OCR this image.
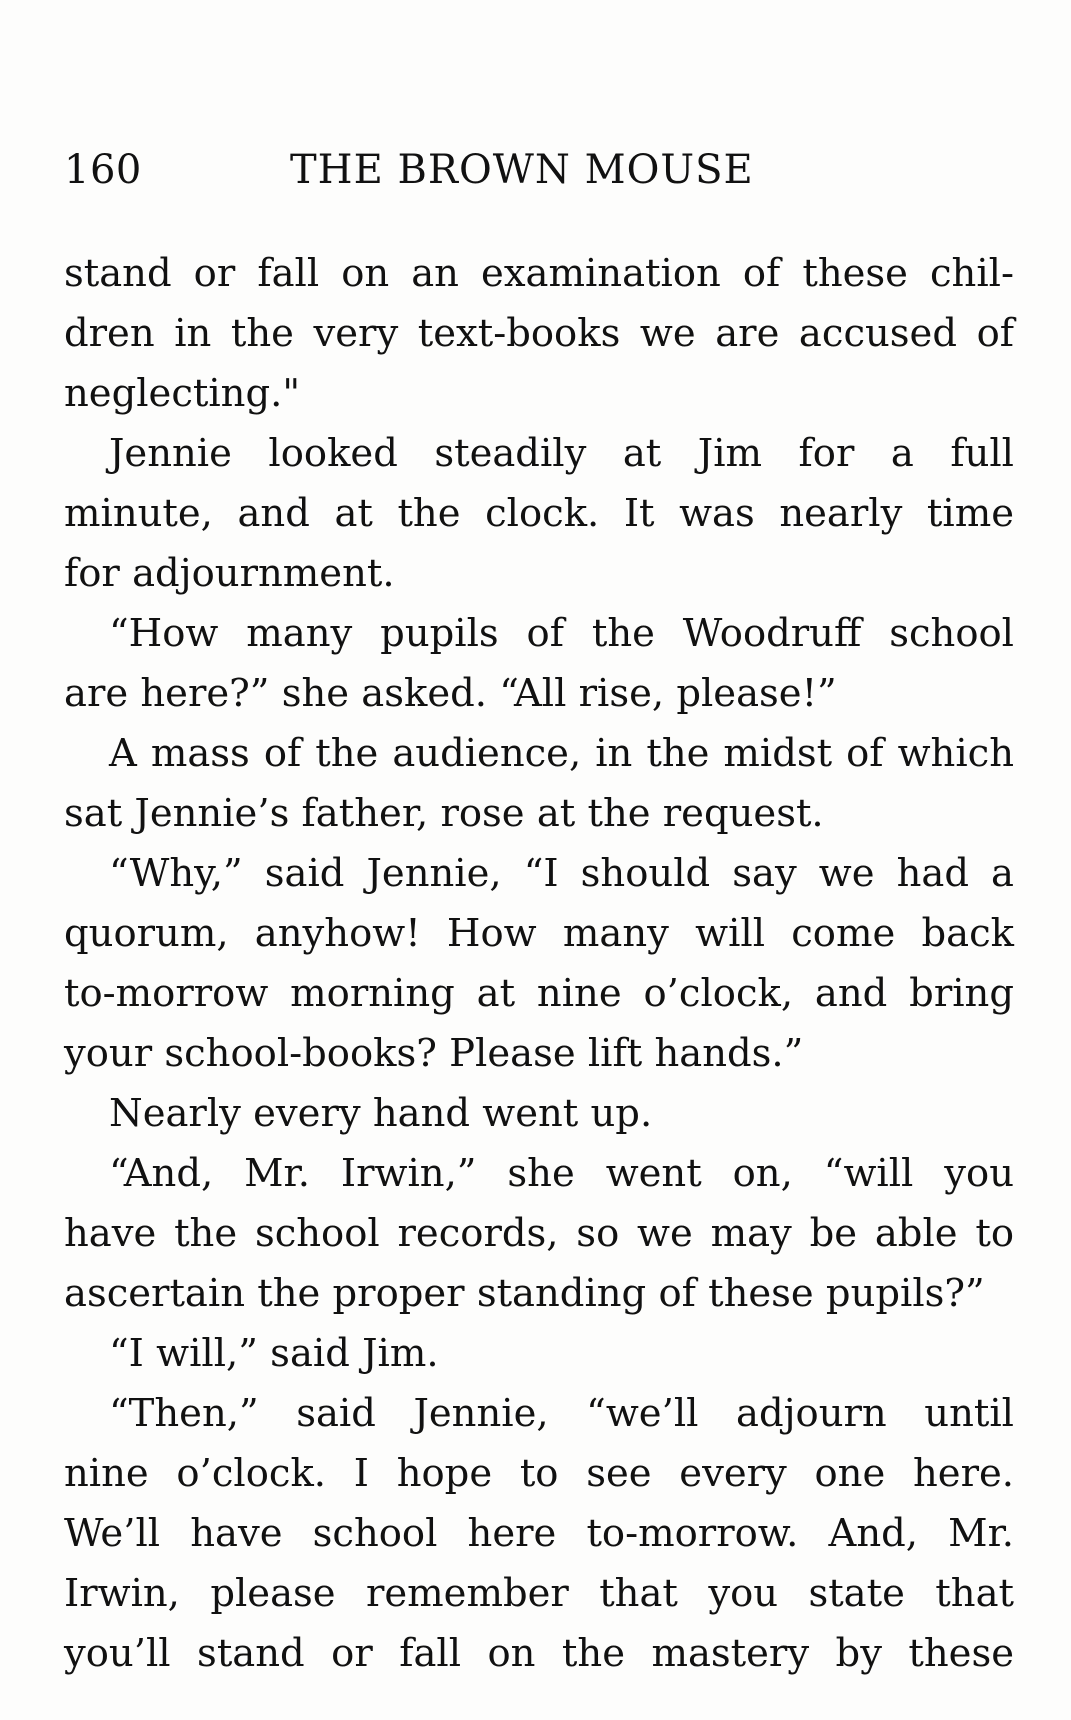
160	THE BROWN MOUSE
stand or fall on an examination of these chil-
dren in the very text-books we are accused of
neglecting."
Jennie looked steadily at Jim for a full
minute, and at the clock. It was nearly time
for adjournment.
“How many pupils of the Woodruff school
are here?” she asked. “All rise, please!”
A mass of the audience, in the midst of which
sat Jennie’s father, rose at the request.
“Why,” said Jennie, “I should say we had a
quorum, anyhow! How many will come back
to-morrow morning at nine o’clock, and bring
your school-books? Please lift hands.”
Nearly every hand went up.
“And, Mr. Irwin,” she went on, “will you
have the school records, so we may be able to
ascertain the proper standing of these pupils?”
“I will,” said Jim.
“Then,” said Jennie, “we’ll adjourn until
nine o’clock. I hope to see every one here.
We’ll have school here to-morrow. And, Mr.
Irwin, please remember that you state that
you’ll stand or fall on the mastery by these
